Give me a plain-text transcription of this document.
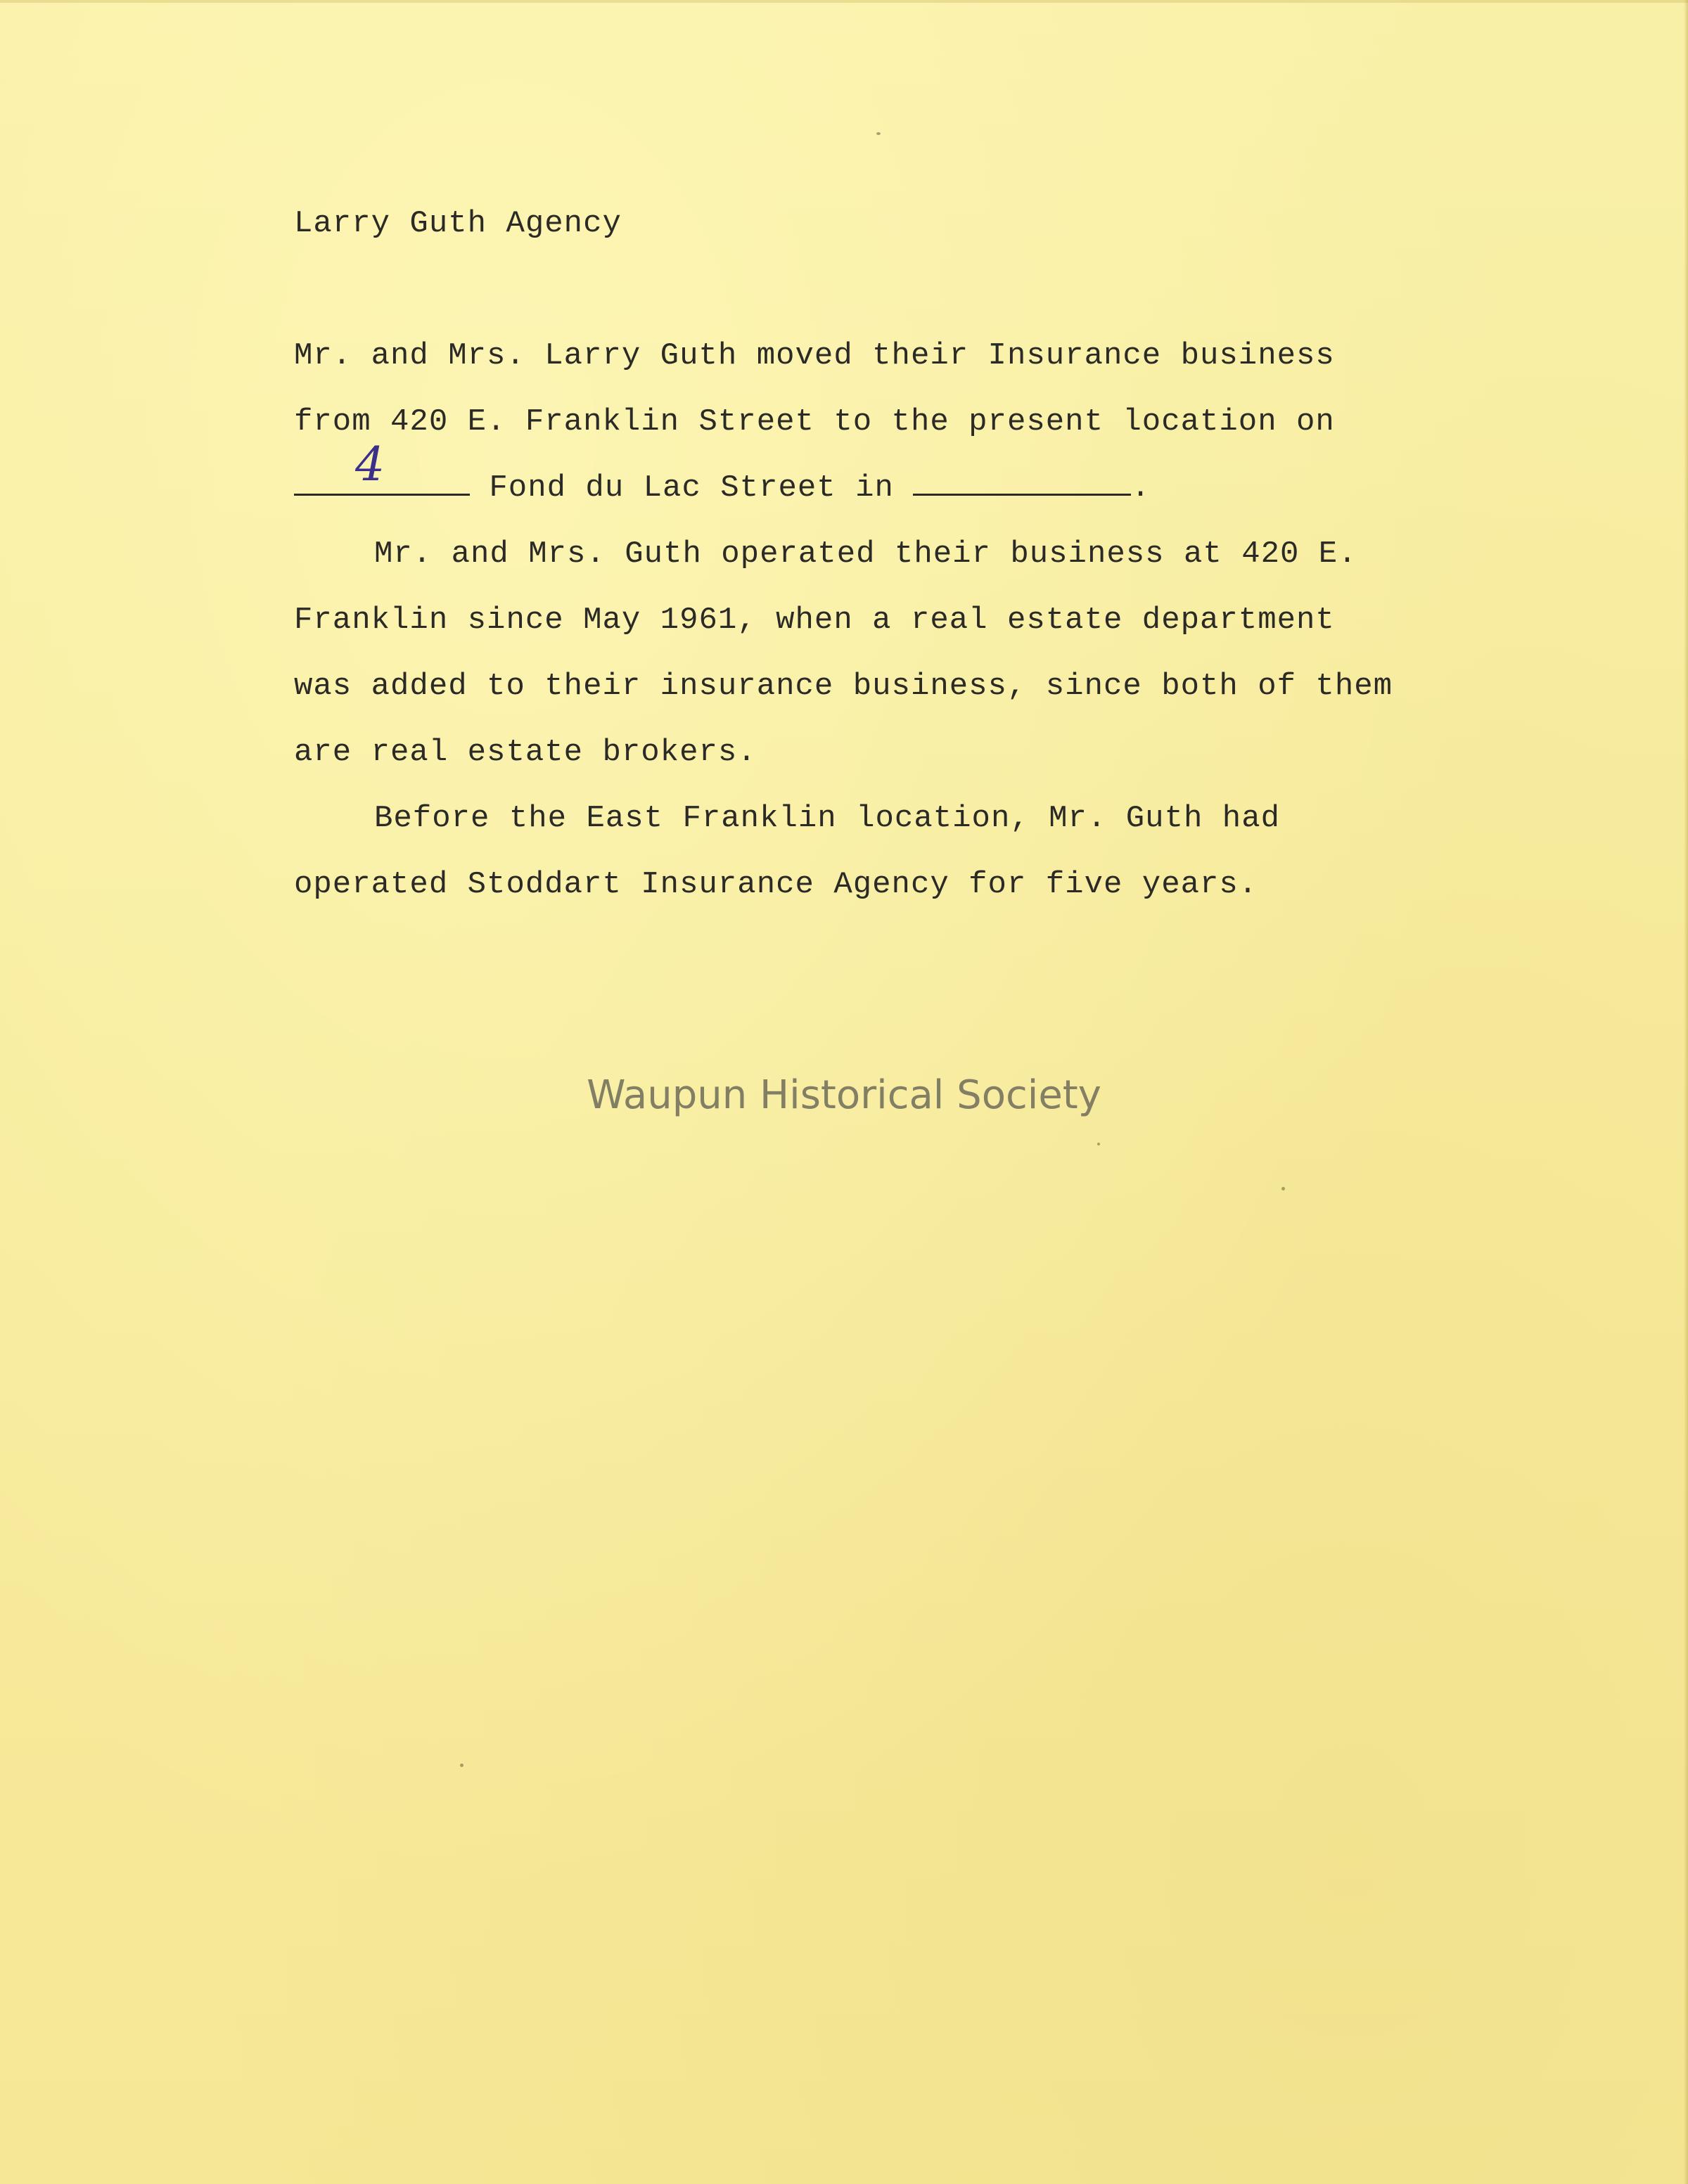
Larry Guth Agency
Mr. and Mrs. Larry Guth moved their Insurance business
from 420 E. Franklin Street to the present location on
Fond du Lac Street in	.
4
Mr. and Mrs. Guth operated their business at 420 E.
Franklin since May 1961, when a real estate department
was added to their insurance business, since both of them
are real estate brokers.
Before the East Franklin location, Mr. Guth had
operated Stoddart Insurance Agency for five years.
Waupun Historical Society
